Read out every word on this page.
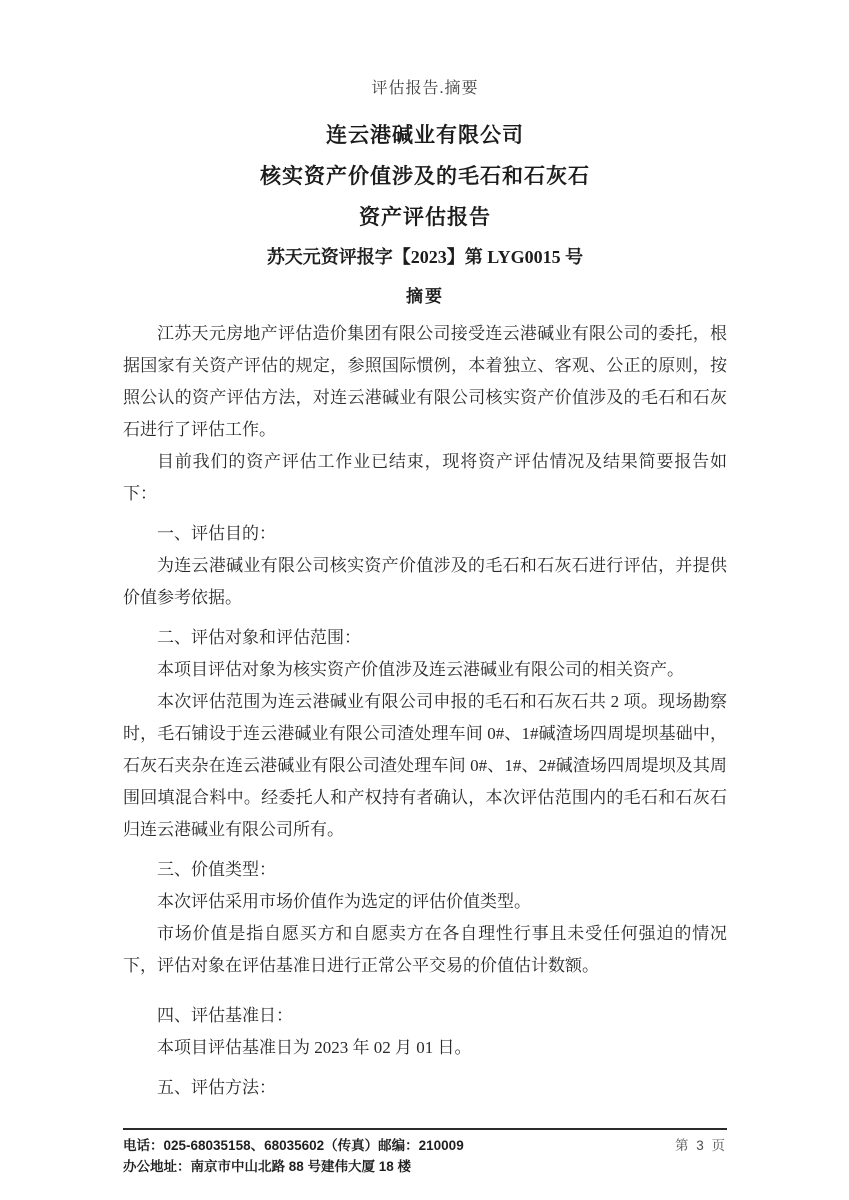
评估报告.摘要

连云港碱业有限公司

核实资产价值涉及的毛石和石灰石

资产评估报告

苏天元资评报字【2023】第 LYG0015 号

摘要

江苏天元房地产评估造价集团有限公司接受连云港碱业有限公司的委托，根据国家有关资产评估的规定，参照国际惯例，本着独立、客观、公正的原则，按照公认的资产评估方法，对连云港碱业有限公司核实资产价值涉及的毛石和石灰石进行了评估工作。

目前我们的资产评估工作业已结束，现将资产评估情况及结果简要报告如下：

一、评估目的：

为连云港碱业有限公司核实资产价值涉及的毛石和石灰石进行评估，并提供价值参考依据。

二、评估对象和评估范围：

本项目评估对象为核实资产价值涉及连云港碱业有限公司的相关资产。

本次评估范围为连云港碱业有限公司申报的毛石和石灰石共 2 项。现场勘察时，毛石铺设于连云港碱业有限公司渣处理车间 0#、1#碱渣场四周堤坝基础中，石灰石夹杂在连云港碱业有限公司渣处理车间 0#、1#、2#碱渣场四周堤坝及其周围回填混合料中。经委托人和产权持有者确认，本次评估范围内的毛石和石灰石归连云港碱业有限公司所有。

三、价值类型：

本次评估采用市场价值作为选定的评估价值类型。

市场价值是指自愿买方和自愿卖方在各自理性行事且未受任何强迫的情况下，评估对象在评估基准日进行正常公平交易的价值估计数额。

四、评估基准日：

本项目评估基准日为 2023 年 02 月 01 日。

五、评估方法：

电话：025-68035158、68035602（传真）邮编：210009
办公地址：南京市中山北路 88 号建伟大厦 18 楼
第 3 页
